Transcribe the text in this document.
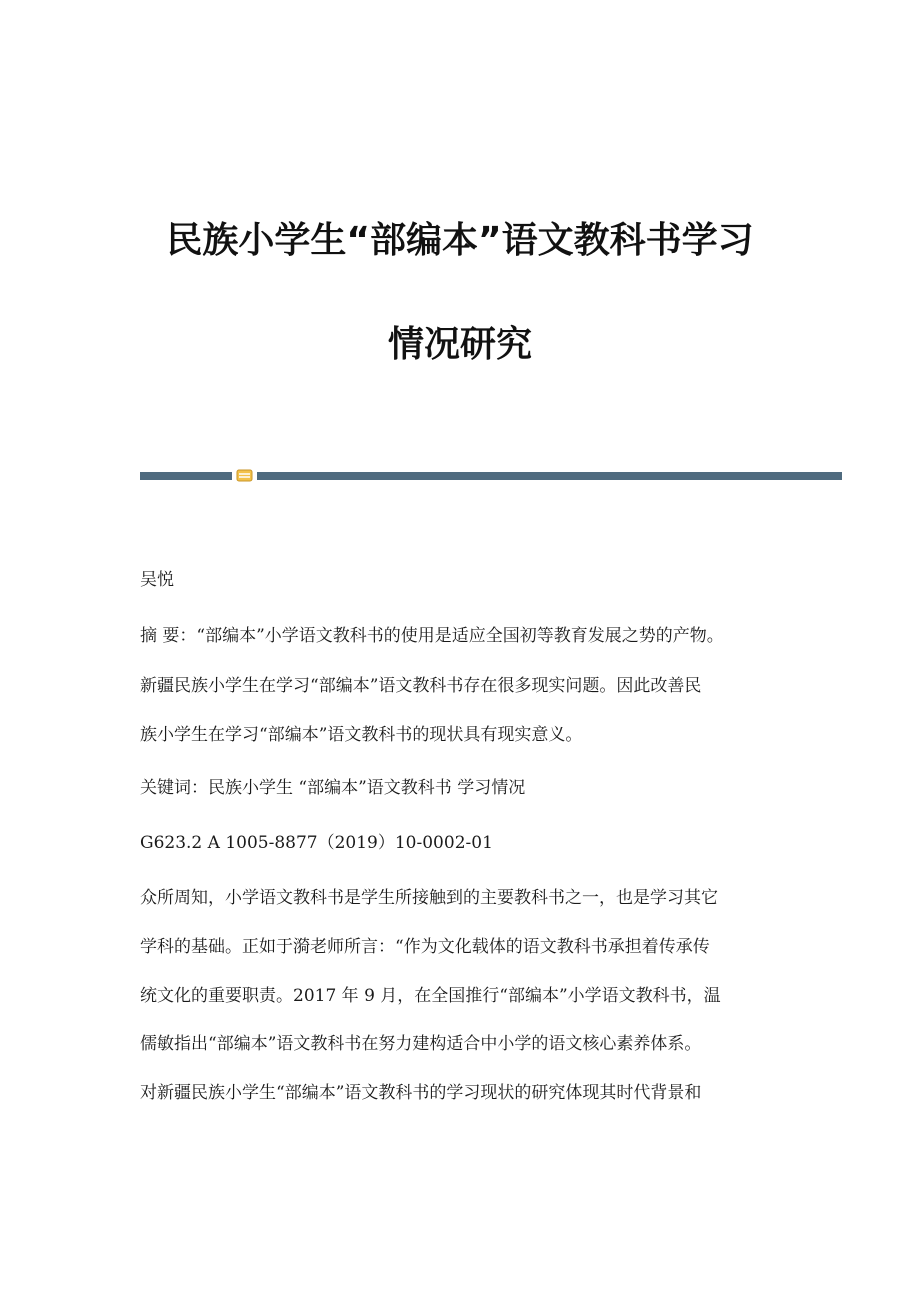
民族小学生“部编本”语文教科书学习
情况研究
吴悦
摘 要：“部编本”小学语文教科书的使用是适应全国初等教育发展之势的产物。
新疆民族小学生在学习“部编本”语文教科书存在很多现实问题。因此改善民
族小学生在学习“部编本”语文教科书的现状具有现实意义。
关键词：民族小学生 “部编本”语文教科书 学习情况
G623.2 A 1005-8877（2019）10-0002-01
众所周知，小学语文教科书是学生所接触到的主要教科书之一，也是学习其它
学科的基础。正如于漪老师所言：“作为文化载体的语文教科书承担着传承传
统文化的重要职责。2017 年 9 月，在全国推行“部编本”小学语文教科书，温
儒敏指出“部编本”语文教科书在努力建构适合中小学的语文核心素养体系。
对新疆民族小学生“部编本”语文教科书的学习现状的研究体现其时代背景和
